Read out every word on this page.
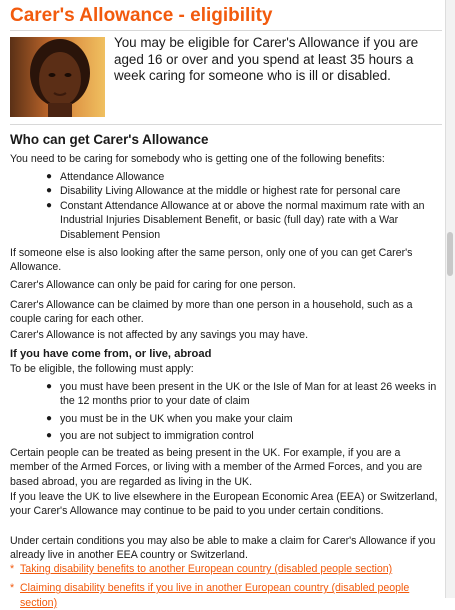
Carer's Allowance - eligibility

You may be eligible for Carer's Allowance if you are aged 16 or over and you spend at least 35 hours a week caring for someone who is ill or disabled.

Who can get Carer's Allowance

You need to be caring for somebody who is getting one of the following benefits:

● Attendance Allowance
● Disability Living Allowance at the middle or highest rate for personal care
● Constant Attendance Allowance at or above the normal maximum rate with an Industrial Injuries Disablement Benefit, or basic (full day) rate with a War Disablement Pension

If someone else is also looking after the same person, only one of you can get Carer's Allowance.

Carer's Allowance can only be paid for caring for one person.

Carer's Allowance can be claimed by more than one person in a household, such as a couple caring for each other.

Carer's Allowance is not affected by any savings you may have.

If you have come from, or live, abroad

To be eligible, the following must apply:

● you must have been present in the UK or the Isle of Man for at least 26 weeks in the 12 months prior to your date of claim
● you must be in the UK when you make your claim
● you are not subject to immigration control

Certain people can be treated as being present in the UK. For example, if you are a member of the Armed Forces, or living with a member of the Armed Forces, and you are based abroad, you are regarded as living in the UK.

If you leave the UK to live elsewhere in the European Economic Area (EEA) or Switzerland, your Carer's Allowance may continue to be paid to you under certain conditions.

Under certain conditions you may also be able to make a claim for Carer's Allowance if you already live in another EEA country or Switzerland.

* Taking disability benefits to another European country (disabled people section)
* Claiming disability benefits if you live in another European country (disabled people section)
